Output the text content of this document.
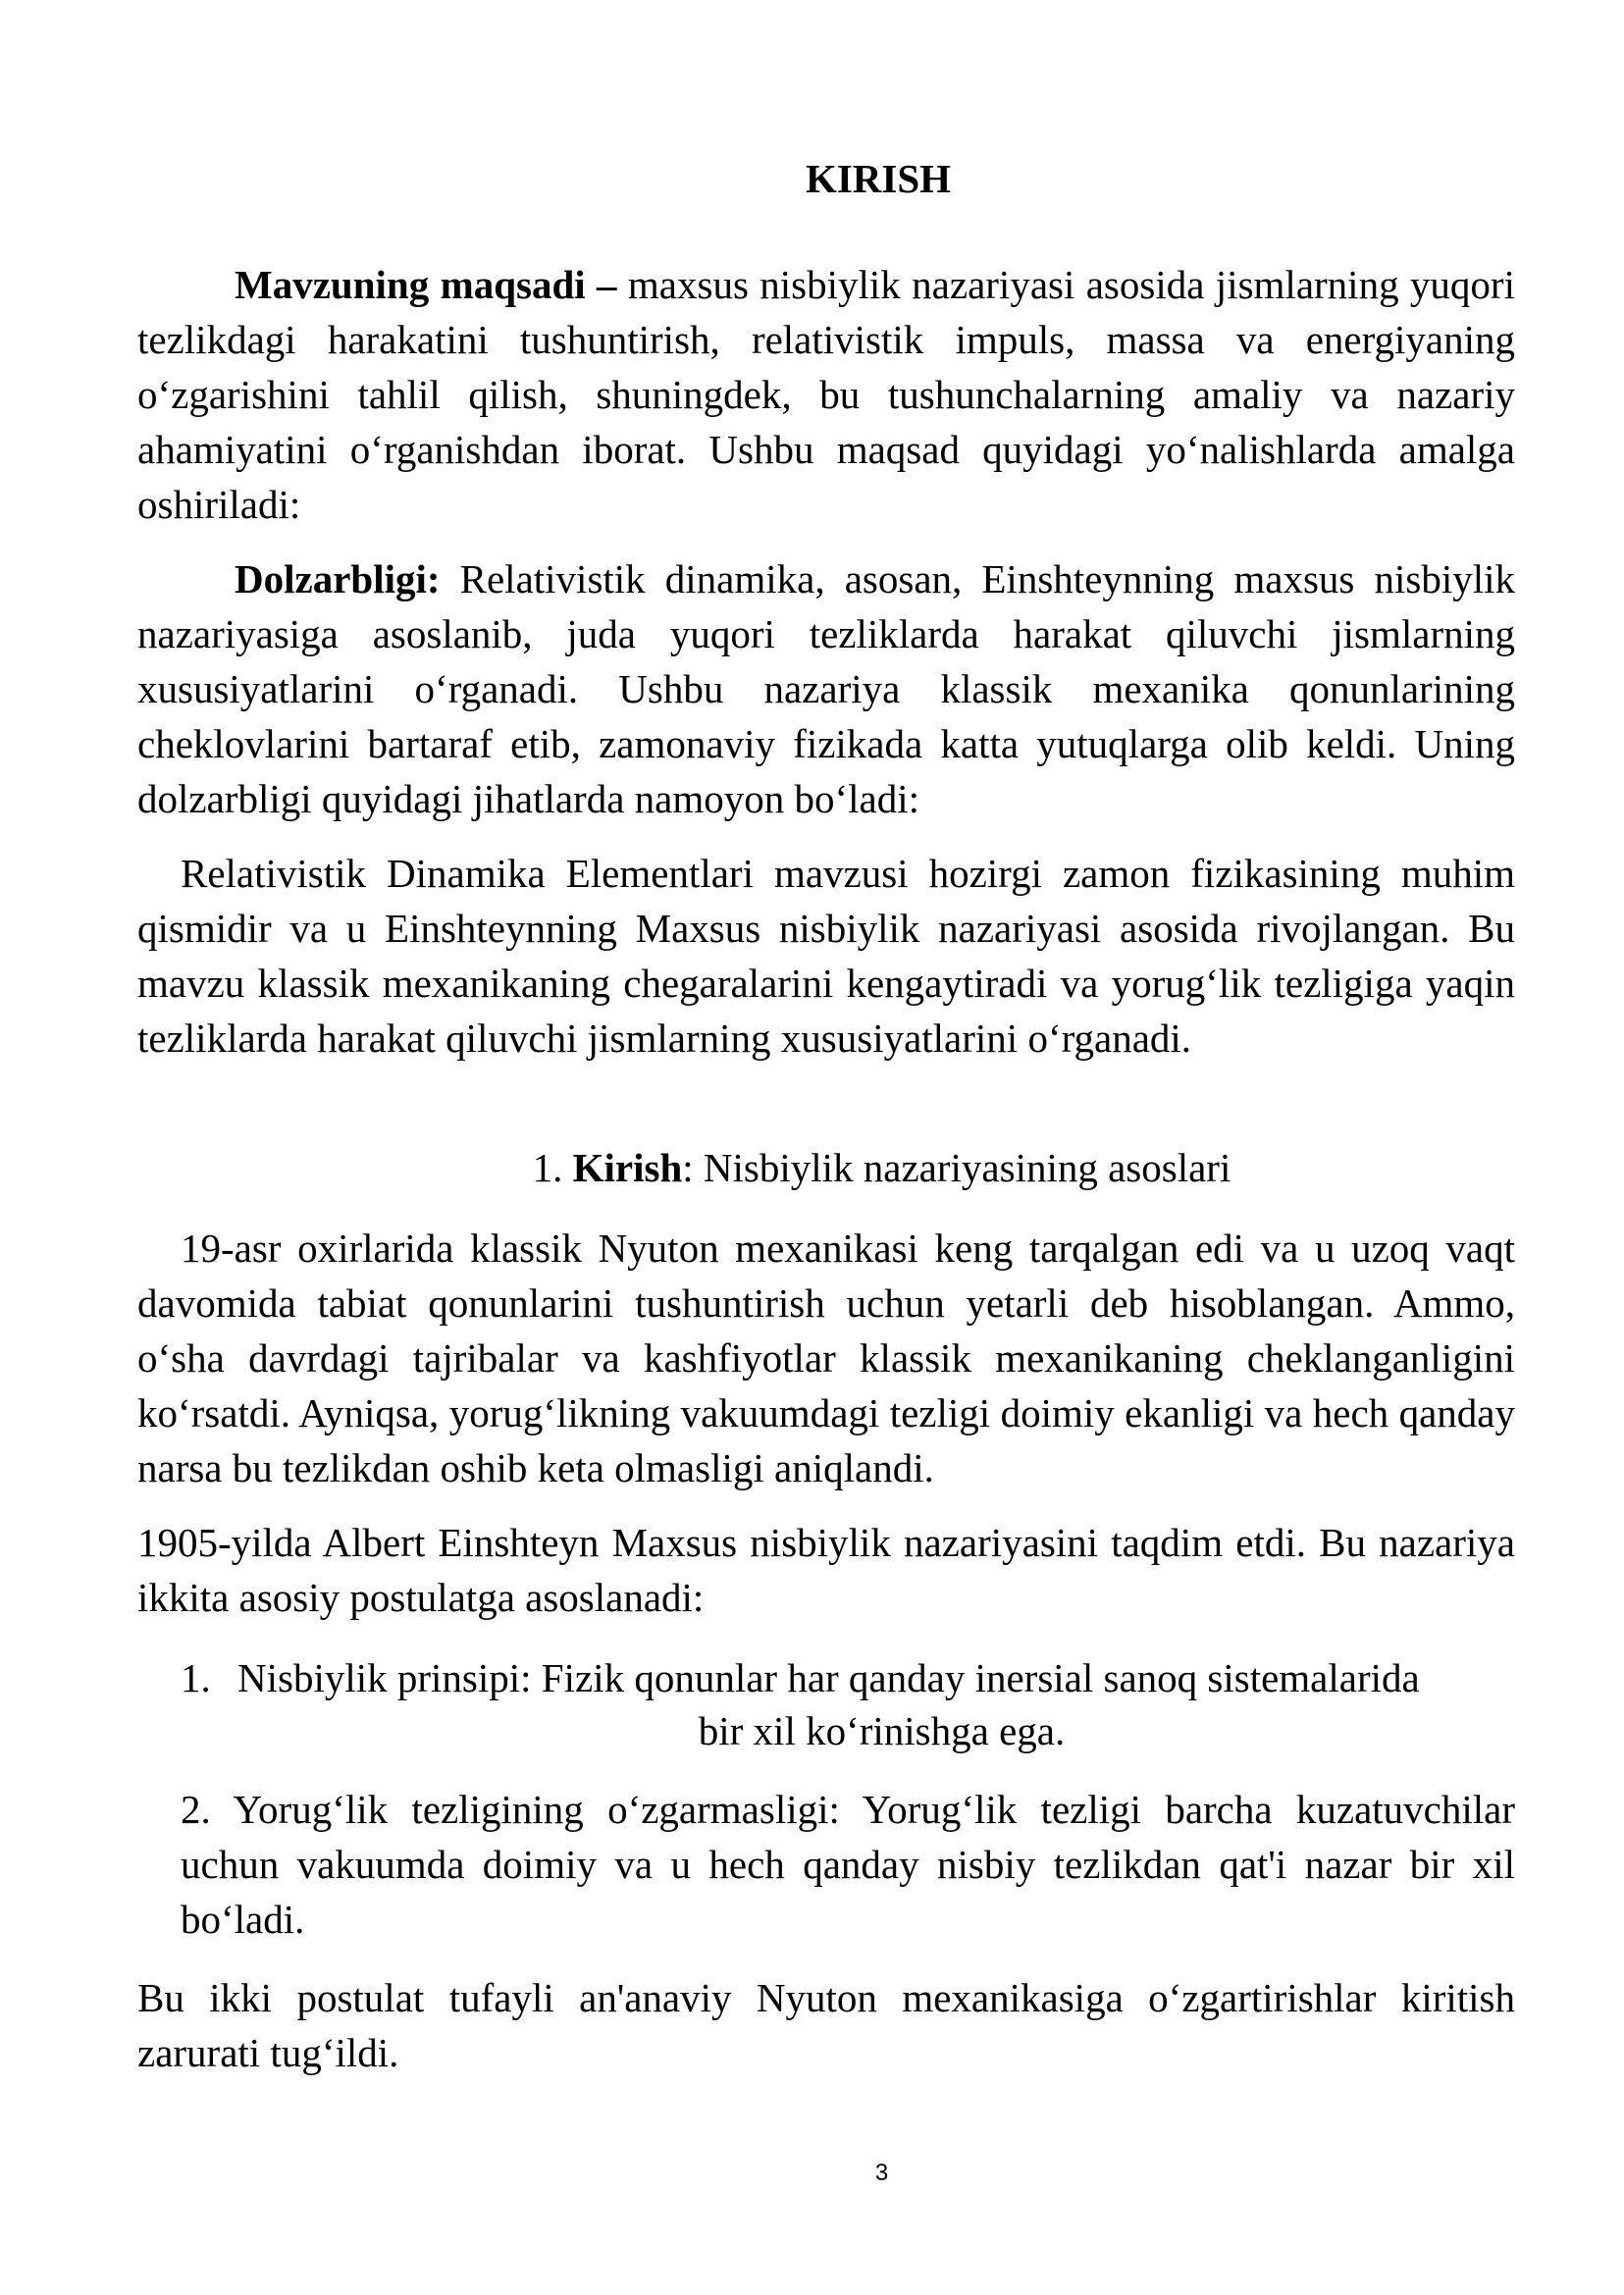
KIRISH

Mavzuning maqsadi – maxsus nisbiylik nazariyasi asosida jismlarning yuqori tezlikdagi harakatini tushuntirish, relativistik impuls, massa va energiyaning o‘zgarishini tahlil qilish, shuningdek, bu tushunchalarning amaliy va nazariy ahamiyatini o‘rganishdan iborat. Ushbu maqsad quyidagi yo‘nalishlarda amalga oshiriladi:

Dolzarbligi: Relativistik dinamika, asosan, Einshteynning maxsus nisbiylik nazariyasiga asoslanib, juda yuqori tezliklarda harakat qiluvchi jismlarning xususiyatlarini o‘rganadi. Ushbu nazariya klassik mexanika qonunlarining cheklovlarini bartaraf etib, zamonaviy fizikada katta yutuqlarga olib keldi. Uning dolzarbligi quyidagi jihatlarda namoyon bo‘ladi:

Relativistik Dinamika Elementlari mavzusi hozirgi zamon fizikasining muhim qismidir va u Einshteynning Maxsus nisbiylik nazariyasi asosida rivojlangan. Bu mavzu klassik mexanikaning chegaralarini kengaytiradi va yorug‘lik tezligiga yaqin tezliklarda harakat qiluvchi jismlarning xususiyatlarini o‘rganadi.

1. Kirish: Nisbiylik nazariyasining asoslari

19-asr oxirlarida klassik Nyuton mexanikasi keng tarqalgan edi va u uzoq vaqt davomida tabiat qonunlarini tushuntirish uchun yetarli deb hisoblangan. Ammo, o‘sha davrdagi tajribalar va kashfiyotlar klassik mexanikaning cheklanganligini ko‘rsatdi. Ayniqsa, yorug‘likning vakuumdagi tezligi doimiy ekanligi va hech qanday narsa bu tezlikdan oshib keta olmasligi aniqlandi.

1905-yilda Albert Einshteyn Maxsus nisbiylik nazariyasini taqdim etdi. Bu nazariya ikkita asosiy postulatga asoslanadi:

1. Nisbiylik prinsipi: Fizik qonunlar har qanday inersial sanoq sistemalarida

bir xil ko‘rinishga ega.

2. Yorug‘lik tezligining o‘zgarmasligi: Yorug‘lik tezligi barcha kuzatuvchilar uchun vakuumda doimiy va u hech qanday nisbiy tezlikdan qat'i nazar bir xil bo‘ladi.

Bu ikki postulat tufayli an'anaviy Nyuton mexanikasiga o‘zgartirishlar kiritish zarurati tug‘ildi.

3
